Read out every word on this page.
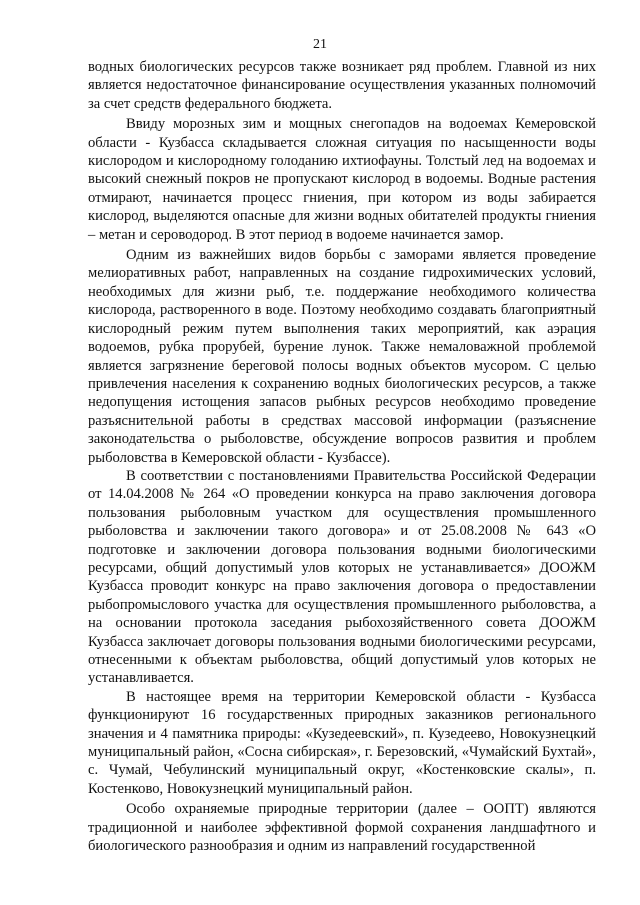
21

водных биологических ресурсов также возникает ряд проблем. Главной из них является недостаточное финансирование осуществления указанных полномочий за счет средств федерального бюджета.

Ввиду морозных зим и мощных снегопадов на водоемах Кемеровской области - Кузбасса складывается сложная ситуация по насыщенности воды кислородом и кислородному голоданию ихтиофауны. Толстый лед на водоемах и высокий снежный покров не пропускают кислород в водоемы. Водные растения отмирают, начинается процесс гниения, при котором из воды забирается кислород, выделяются опасные для жизни водных обитателей продукты гниения – метан и сероводород. В этот период в водоеме начинается замор.

Одним из важнейших видов борьбы с заморами является проведение мелиоративных работ, направленных на создание гидрохимических условий, необходимых для жизни рыб, т.е. поддержание необходимого количества кислорода, растворенного в воде. Поэтому необходимо создавать благоприятный кислородный режим путем выполнения таких мероприятий, как аэрация водоемов, рубка прорубей, бурение лунок. Также немаловажной проблемой является загрязнение береговой полосы водных объектов мусором. С целью привлечения населения к сохранению водных биологических ресурсов, а также недопущения истощения запасов рыбных ресурсов необходимо проведение разъяснительной работы в средствах массовой информации (разъяснение законодательства о рыболовстве, обсуждение вопросов развития и проблем рыболовства в Кемеровской области - Кузбассе).

В соответствии с постановлениями Правительства Российской Федерации от 14.04.2008 № 264 «О проведении конкурса на право заключения договора пользования рыболовным участком для осуществления промышленного рыболовства и заключении такого договора» и от 25.08.2008 № 643 «О подготовке и заключении договора пользования водными биологическими ресурсами, общий допустимый улов которых не устанавливается» ДООЖМ Кузбасса проводит конкурс на право заключения договора о предоставлении рыбопромыслового участка для осуществления промышленного рыболовства, а на основании протокола заседания рыбохозяйственного совета ДООЖМ Кузбасса заключает договоры пользования водными биологическими ресурсами, отнесенными к объектам рыболовства, общий допустимый улов которых не устанавливается.

В настоящее время на территории Кемеровской области - Кузбасса функционируют 16 государственных природных заказников регионального значения и 4 памятника природы: «Кузедеевский», п. Кузедеево, Новокузнецкий муниципальный район, «Сосна сибирская», г. Березовский, «Чумайский Бухтай», с. Чумай, Чебулинский муниципальный округ, «Костенковские скалы», п. Костенково, Новокузнецкий муниципальный район.

Особо охраняемые природные территории (далее – ООПТ) являются традиционной и наиболее эффективной формой сохранения ландшафтного и биологического разнообразия и одним из направлений государственной
